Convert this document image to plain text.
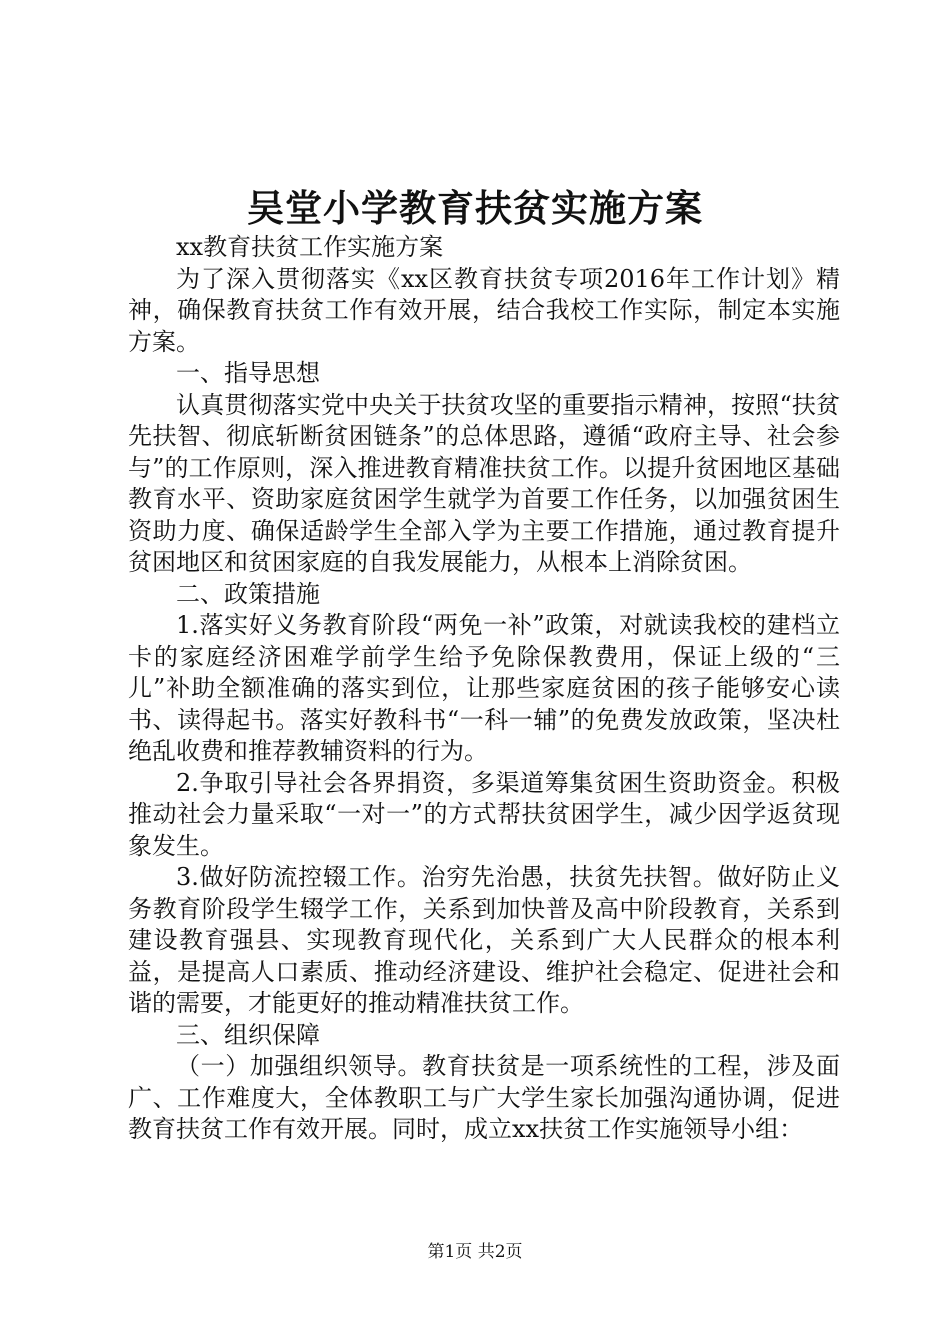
吴堂小学教育扶贫实施方案

xx教育扶贫工作实施方案

为了深入贯彻落实《xx区教育扶贫专项2016年工作计划》精神，确保教育扶贫工作有效开展，结合我校工作实际，制定本实施方案。

一、指导思想

认真贯彻落实党中央关于扶贫攻坚的重要指示精神，按照“扶贫先扶智、彻底斩断贫困链条”的总体思路，遵循“政府主导、社会参与”的工作原则，深入推进教育精准扶贫工作。以提升贫困地区基础教育水平、资助家庭贫困学生就学为首要工作任务，以加强贫困生资助力度、确保适龄学生全部入学为主要工作措施，通过教育提升贫困地区和贫困家庭的自我发展能力，从根本上消除贫困。

二、政策措施

1.落实好义务教育阶段“两免一补”政策，对就读我校的建档立卡的家庭经济困难学前学生给予免除保教费用，保证上级的“三儿”补助全额准确的落实到位，让那些家庭贫困的孩子能够安心读书、读得起书。落实好教科书“一科一辅”的免费发放政策，坚决杜绝乱收费和推荐教辅资料的行为。

2.争取引导社会各界捐资，多渠道筹集贫困生资助资金。积极推动社会力量采取“一对一”的方式帮扶贫困学生，减少因学返贫现象发生。

3.做好防流控辍工作。治穷先治愚，扶贫先扶智。做好防止义务教育阶段学生辍学工作，关系到加快普及高中阶段教育，关系到建设教育强县、实现教育现代化，关系到广大人民群众的根本利益，是提高人口素质、推动经济建设、维护社会稳定、促进社会和谐的需要，才能更好的推动精准扶贫工作。

三、组织保障

（一）加强组织领导。教育扶贫是一项系统性的工程，涉及面广、工作难度大，全体教职工与广大学生家长加强沟通协调，促进教育扶贫工作有效开展。同时，成立xx扶贫工作实施领导小组：

第1页 共2页
